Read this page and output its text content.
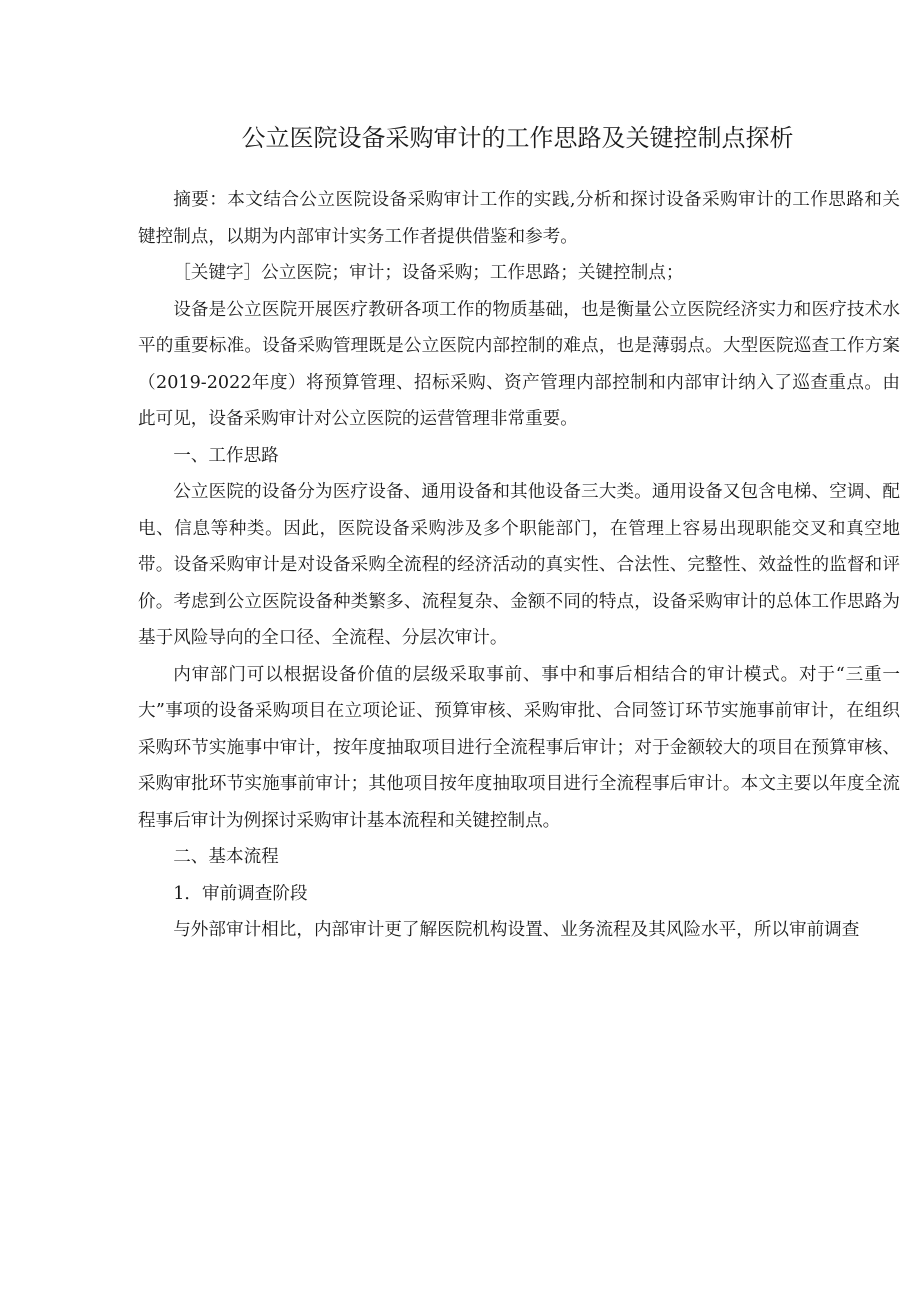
公立医院设备采购审计的工作思路及关键控制点探析

摘要：本文结合公立医院设备采购审计工作的实践,分析和探讨设备采购审计的工作思路和关键控制点，以期为内部审计实务工作者提供借鉴和参考。

［关键字］公立医院；审计；设备采购；工作思路；关键控制点；

设备是公立医院开展医疗教研各项工作的物质基础，也是衡量公立医院经济实力和医疗技术水平的重要标准。设备采购管理既是公立医院内部控制的难点，也是薄弱点。大型医院巡查工作方案（2019-2022年度）将预算管理、招标采购、资产管理内部控制和内部审计纳入了巡查重点。由此可见，设备采购审计对公立医院的运营管理非常重要。

一、工作思路

公立医院的设备分为医疗设备、通用设备和其他设备三大类。通用设备又包含电梯、空调、配电、信息等种类。因此，医院设备采购涉及多个职能部门，在管理上容易出现职能交叉和真空地带。设备采购审计是对设备采购全流程的经济活动的真实性、合法性、完整性、效益性的监督和评价。考虑到公立医院设备种类繁多、流程复杂、金额不同的特点，设备采购审计的总体工作思路为基于风险导向的全口径、全流程、分层次审计。

内审部门可以根据设备价值的层级采取事前、事中和事后相结合的审计模式。对于“三重一大”事项的设备采购项目在立项论证、预算审核、采购审批、合同签订环节实施事前审计，在组织采购环节实施事中审计，按年度抽取项目进行全流程事后审计；对于金额较大的项目在预算审核、采购审批环节实施事前审计；其他项目按年度抽取项目进行全流程事后审计。本文主要以年度全流程事后审计为例探讨采购审计基本流程和关键控制点。

二、基本流程

1．审前调查阶段

与外部审计相比，内部审计更了解医院机构设置、业务流程及其风险水平，所以审前调查
